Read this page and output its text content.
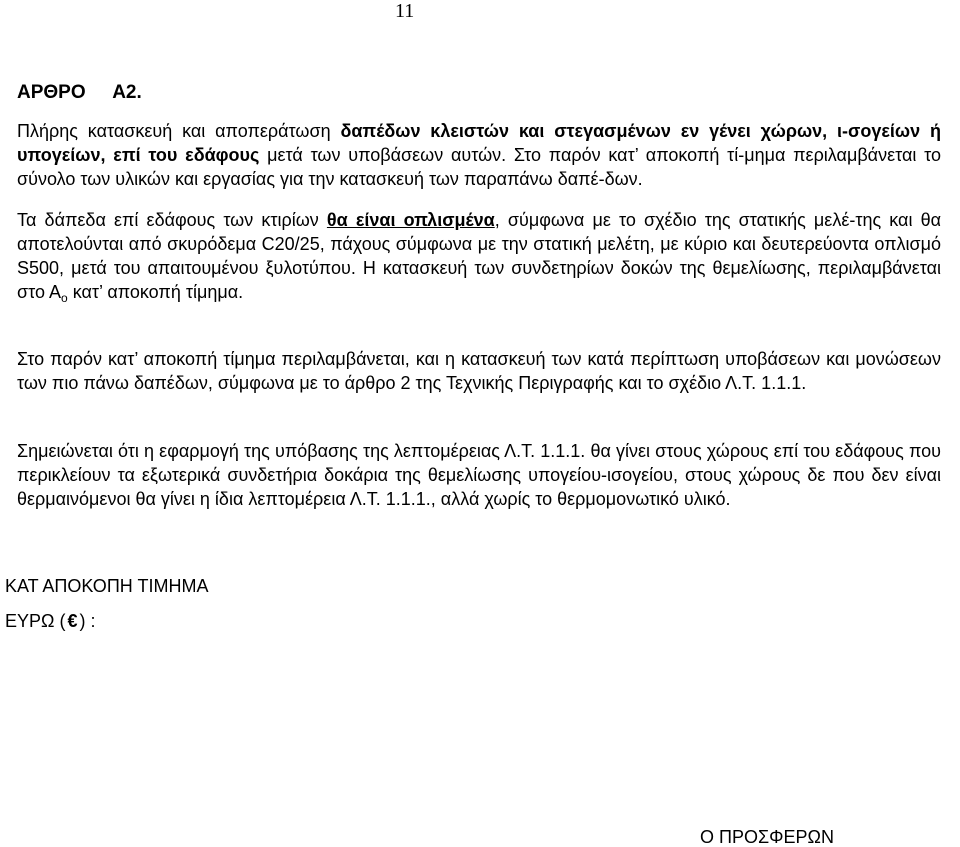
11
ΑΡΘΡΟ Α2.

Πλήρης κατασκευή και αποπεράτωση δαπέδων κλειστών και στεγασμένων εν γένει χώρων, ι-σογείων ή υπογείων, επί του εδάφους μετά των υποβάσεων αυτών. Στο παρόν κατ’ αποκοπή τί-μημα περιλαμβάνεται το σύνολο των υλικών και εργασίας για την κατασκευή των παραπάνω δαπέ-δων.

Τα δάπεδα επί εδάφους των κτιρίων θα είναι οπλισμένα, σύμφωνα με το σχέδιο της στατικής μελέ-της και θα αποτελούνται από σκυρόδεμα C20/25, πάχους σύμφωνα με την στατική μελέτη, με κύριο και δευτερεύοντα οπλισμό S500, μετά του απαιτουμένου ξυλοτύπου. Η κατασκευή των συνδετηρίων δοκών της θεμελίωσης, περιλαμβάνεται στο $A_o$ κατ’ αποκοπή τίμημα.

Στο παρόν κατ’ αποκοπή τίμημα περιλαμβάνεται, και η κατασκευή των κατά περίπτωση υποβάσεων και μονώσεων των πιο πάνω δαπέδων, σύμφωνα με το άρθρο 2 της Τεχνικής Περιγραφής και το σχέδιο Λ.Τ. 1.1.1.

Σημειώνεται ότι η εφαρμογή της υπόβασης της λεπτομέρειας Λ.Τ. 1.1.1. θα γίνει στους χώρους επί του εδάφους που περικλείουν τα εξωτερικά συνδετήρια δοκάρια της θεμελίωσης υπογείου-ισογείου, στους χώρους δε που δεν είναι θερμαινόμενοι θα γίνει η ίδια λεπτομέρεια Λ.Τ. 1.1.1., αλλά χωρίς το θερμομονωτικό υλικό.

ΚΑΤ ΑΠΟΚΟΠΗ ΤΙΜΗΜΑ
ΕΥΡΩ ( € ) :
Ο ΠΡΟΣΦΕΡΩΝ
